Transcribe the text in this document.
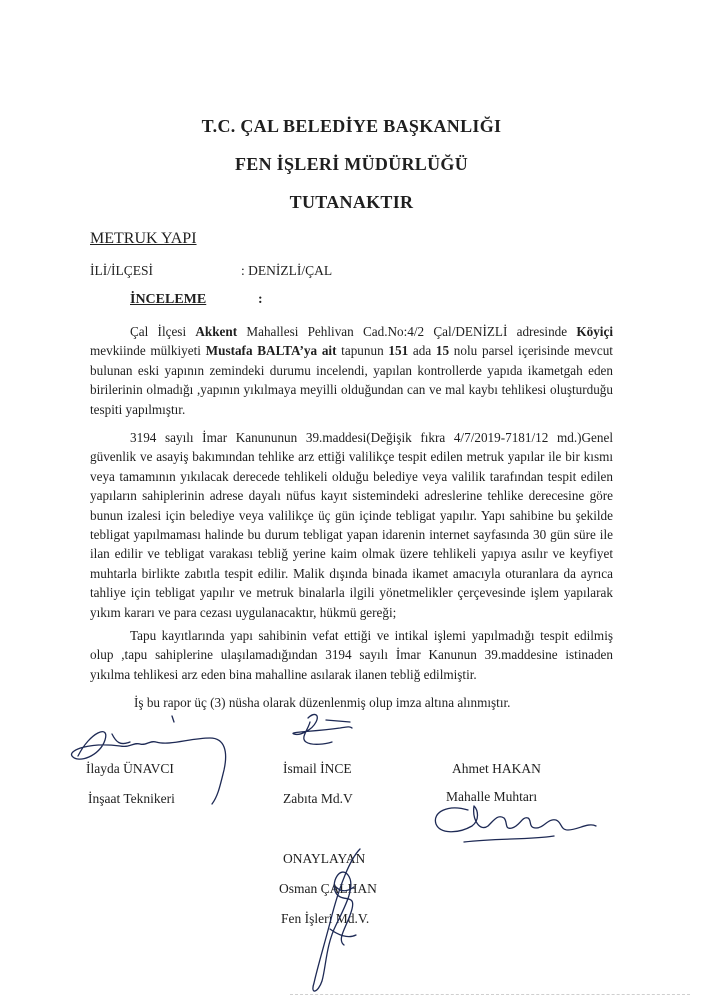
T.C. ÇAL BELEDİYE BAŞKANLIĞI
FEN İŞLERİ MÜDÜRLÜĞÜ
TUTANAKTIR
METRUK YAPI
İLİ/İLÇESİ	: DENİZLİ/ÇAL
İNCELEME	:

Çal İlçesi Akkent Mahallesi Pehlivan Cad.No:4/2 Çal/DENİZLİ adresinde Köyiçi mevkiinde mülkiyeti Mustafa BALTA’ya ait tapunun 151 ada 15 nolu parsel içerisinde mevcut bulunan eski yapının zemindeki durumu incelendi, yapılan kontrollerde yapıda ikametgah eden birilerinin olmadığı ,yapının yıkılmaya meyilli olduğundan can ve mal kaybı tehlikesi oluşturduğu tespiti yapılmıştır.

3194 sayılı İmar Kanununun 39.maddesi(Değişik fıkra 4/7/2019-7181/12 md.)Genel güvenlik ve asayiş bakımından tehlike arz ettiği valilikçe tespit edilen metruk yapılar ile bir kısmı veya tamamının yıkılacak derecede tehlikeli olduğu belediye veya valilik tarafından tespit edilen yapıların sahiplerinin adrese dayalı nüfus kayıt sistemindeki adreslerine tehlike derecesine göre bunun izalesi için belediye veya valilikçe üç gün içinde tebligat yapılır. Yapı sahibine bu şekilde tebligat yapılmaması halinde bu durum tebligat yapan idarenin internet sayfasında 30 gün süre ile ilan edilir ve tebligat varakası tebliğ yerine kaim olmak üzere tehlikeli yapıya asılır ve keyfiyet muhtarla birlikte zabıtla tespit edilir. Malik dışında binada ikamet amacıyla oturanlara da ayrıca tahliye için tebligat yapılır ve metruk binalarla ilgili yönetmelikler çerçevesinde işlem yapılarak yıkım kararı ve para cezası uygulanacaktır, hükmü gereği;

Tapu kayıtlarında yapı sahibinin vefat ettiği ve intikal işlemi yapılmadığı tespit edilmiş olup ,tapu sahiplerine ulaşılamadığından 3194 sayılı İmar Kanunun 39.maddesine istinaden yıkılma tehlikesi arz eden bina mahalline asılarak ilanen tebliğ edilmiştir.

İş bu rapor üç (3) nüsha olarak düzenlenmiş olup imza altına alınmıştır.
İlayda ÜNAVCI
İnşaat Teknikeri
İsmail İNCE
Zabıta Md.V
Ahmet HAKAN
Mahalle Muhtarı
ONAYLAYAN
Osman ÇALHAN
Fen İşleri Md.V.
